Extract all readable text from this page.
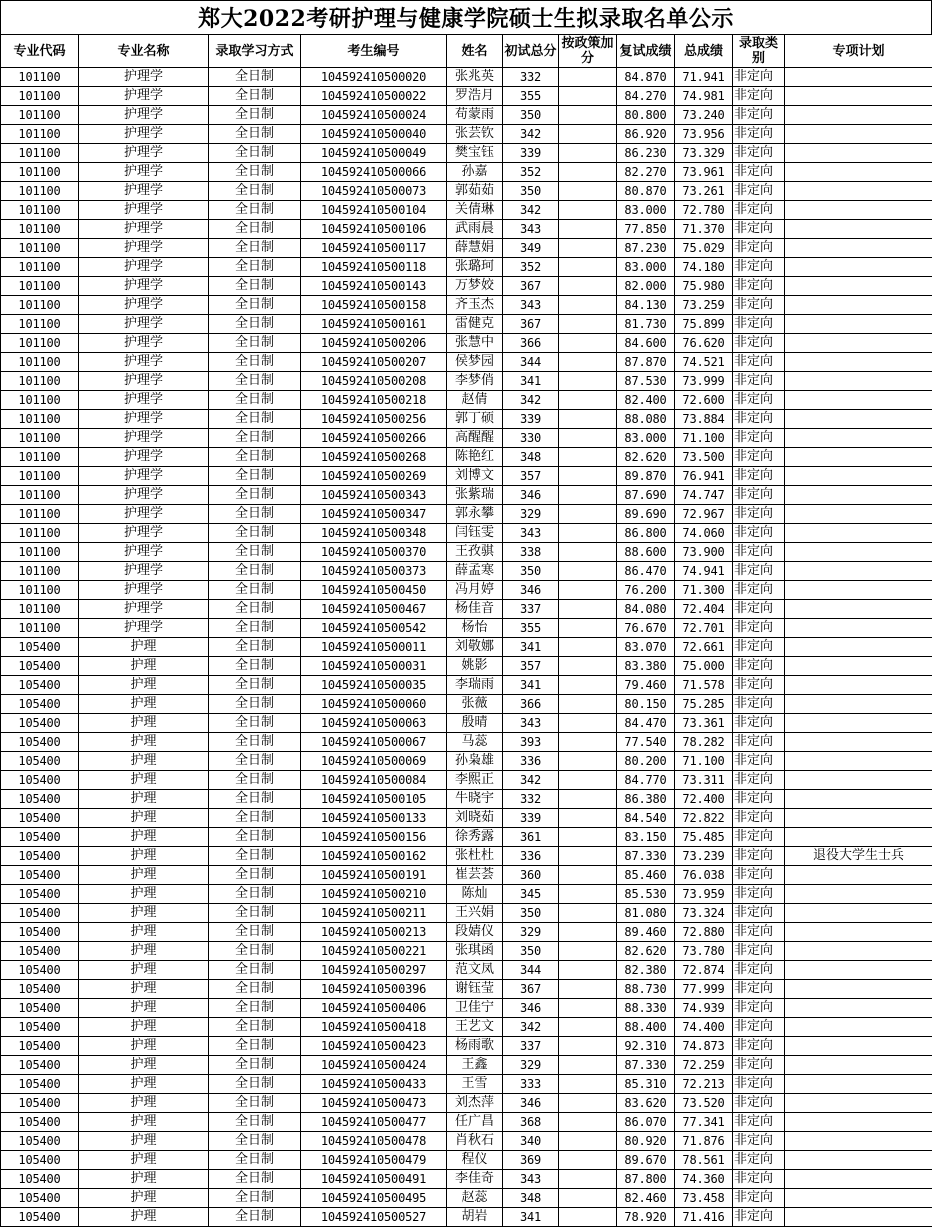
郑大2022考研护理与健康学院硕士生拟录取名单公示
专业代码	专业名称	录取学习方式	考生编号	姓名	初试总分	按政策加分	复试成绩	总成绩	录取类别	专项计划
101100	护理学	全日制	104592410500020	张兆英	332		84.870	71.941	非定向	
101100	护理学	全日制	104592410500022	罗浩月	355		84.270	74.981	非定向	
101100	护理学	全日制	104592410500024	苟蒙雨	350		80.800	73.240	非定向	
101100	护理学	全日制	104592410500040	张芸钦	342		86.920	73.956	非定向	
101100	护理学	全日制	104592410500049	樊宝钰	339		86.230	73.329	非定向	
101100	护理学	全日制	104592410500066	孙嘉	352		82.270	73.961	非定向	
101100	护理学	全日制	104592410500073	郭茹茹	350		80.870	73.261	非定向	
101100	护理学	全日制	104592410500104	关倩琳	342		83.000	72.780	非定向	
101100	护理学	全日制	104592410500106	武雨晨	343		77.850	71.370	非定向	
101100	护理学	全日制	104592410500117	薛慧娟	349		87.230	75.029	非定向	
101100	护理学	全日制	104592410500118	张璐珂	352		83.000	74.180	非定向	
101100	护理学	全日制	104592410500143	万梦姣	367		82.000	75.980	非定向	
101100	护理学	全日制	104592410500158	齐玉杰	343		84.130	73.259	非定向	
101100	护理学	全日制	104592410500161	雷健克	367		81.730	75.899	非定向	
101100	护理学	全日制	104592410500206	张慧中	366		84.600	76.620	非定向	
101100	护理学	全日制	104592410500207	侯梦园	344		87.870	74.521	非定向	
101100	护理学	全日制	104592410500208	李梦俏	341		87.530	73.999	非定向	
101100	护理学	全日制	104592410500218	赵倩	342		82.400	72.600	非定向	
101100	护理学	全日制	104592410500256	郭丁硕	339		88.080	73.884	非定向	
101100	护理学	全日制	104592410500266	高醒醒	330		83.000	71.100	非定向	
101100	护理学	全日制	104592410500268	陈艳红	348		82.620	73.500	非定向	
101100	护理学	全日制	104592410500269	刘博文	357		89.870	76.941	非定向	
101100	护理学	全日制	104592410500343	张紫瑞	346		87.690	74.747	非定向	
101100	护理学	全日制	104592410500347	郭永攀	329		89.690	72.967	非定向	
101100	护理学	全日制	104592410500348	闫钰雯	343		86.800	74.060	非定向	
101100	护理学	全日制	104592410500370	王孜骐	338		88.600	73.900	非定向	
101100	护理学	全日制	104592410500373	薛孟寒	350		86.470	74.941	非定向	
101100	护理学	全日制	104592410500450	冯月婷	346		76.200	71.300	非定向	
101100	护理学	全日制	104592410500467	杨佳音	337		84.080	72.404	非定向	
101100	护理学	全日制	104592410500542	杨怡	355		76.670	72.701	非定向	
105400	护理	全日制	104592410500011	刘敬娜	341		83.070	72.661	非定向	
105400	护理	全日制	104592410500031	姚影	357		83.380	75.000	非定向	
105400	护理	全日制	104592410500035	李瑞雨	341		79.460	71.578	非定向	
105400	护理	全日制	104592410500060	张薇	366		80.150	75.285	非定向	
105400	护理	全日制	104592410500063	殷晴	343		84.470	73.361	非定向	
105400	护理	全日制	104592410500067	马蕊	393		77.540	78.282	非定向	
105400	护理	全日制	104592410500069	孙枭雄	336		80.200	71.100	非定向	
105400	护理	全日制	104592410500084	李熙正	342		84.770	73.311	非定向	
105400	护理	全日制	104592410500105	牛晓宇	332		86.380	72.400	非定向	
105400	护理	全日制	104592410500133	刘晓茹	339		84.540	72.822	非定向	
105400	护理	全日制	104592410500156	徐秀露	361		83.150	75.485	非定向	
105400	护理	全日制	104592410500162	张杜杜	336		87.330	73.239	非定向	退役大学生士兵
105400	护理	全日制	104592410500191	崔芸荟	360		85.460	76.038	非定向	
105400	护理	全日制	104592410500210	陈灿	345		85.530	73.959	非定向	
105400	护理	全日制	104592410500211	王兴娟	350		81.080	73.324	非定向	
105400	护理	全日制	104592410500213	段婧仪	329		89.460	72.880	非定向	
105400	护理	全日制	104592410500221	张琪函	350		82.620	73.780	非定向	
105400	护理	全日制	104592410500297	范文凤	344		82.380	72.874	非定向	
105400	护理	全日制	104592410500396	谢钰莹	367		88.730	77.999	非定向	
105400	护理	全日制	104592410500406	卫佳宁	346		88.330	74.939	非定向	
105400	护理	全日制	104592410500418	王艺文	342		88.400	74.400	非定向	
105400	护理	全日制	104592410500423	杨雨歌	337		92.310	74.873	非定向	
105400	护理	全日制	104592410500424	王鑫	329		87.330	72.259	非定向	
105400	护理	全日制	104592410500433	王雪	333		85.310	72.213	非定向	
105400	护理	全日制	104592410500473	刘杰萍	346		83.620	73.520	非定向	
105400	护理	全日制	104592410500477	任广昌	368		86.070	77.341	非定向	
105400	护理	全日制	104592410500478	肖秋石	340		80.920	71.876	非定向	
105400	护理	全日制	104592410500479	程仪	369		89.670	78.561	非定向	
105400	护理	全日制	104592410500491	李佳奇	343		87.800	74.360	非定向	
105400	护理	全日制	104592410500495	赵蕊	348		82.460	73.458	非定向	
105400	护理	全日制	104592410500527	胡岩	341		78.920	71.416	非定向	
